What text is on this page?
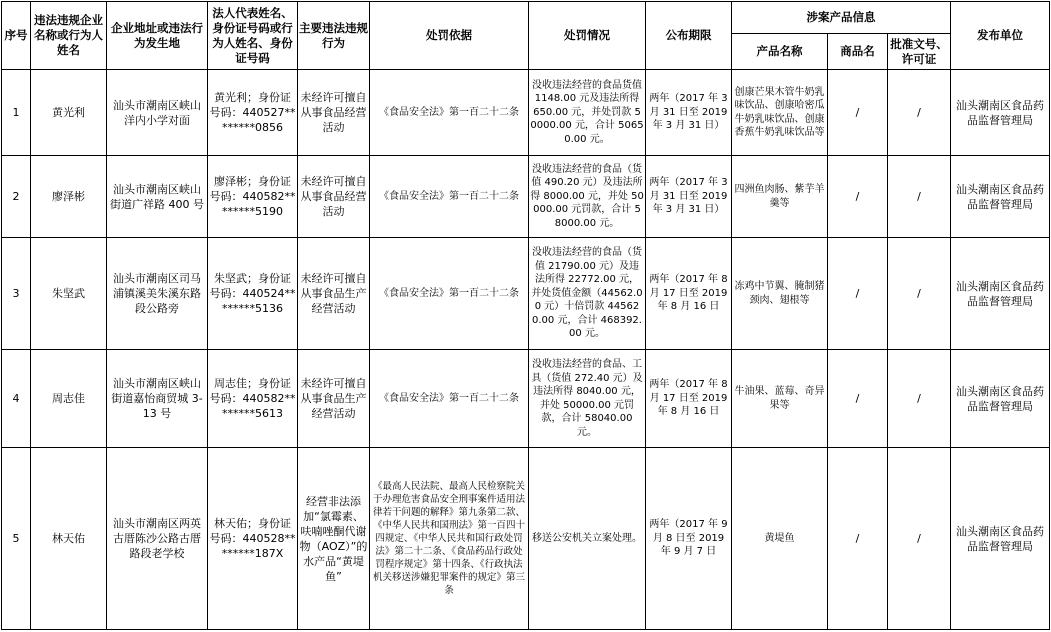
序号	违法违规企业名称或行为人姓名	企业地址或违法行为发生地	法人代表姓名、身份证号码或行为人姓名、身份证号码	主要违法违规行为	处罚依据	处罚情况	公布期限	涉案产品信息			发布单位
								产品名称	商品名	批准文号、许可证	
1	黄光利	汕头市潮南区峡山洋内小学对面	黄光利；身份证号码：440527********0856	未经许可擅自从事食品经营活动	《食品安全法》第一百二十二条	没收违法经营的食品货值 1148.00 元及违法所得 650.00 元，并处罚款 50000.00 元，合计 50650.00 元。	两年（2017 年 3 月 31 日至 2019 年 3 月 31 日）	创康芒果木管牛奶乳味饮品、创康哈密瓜牛奶乳味饮品、创康香蕉牛奶乳味饮品等	/	/	汕头潮南区食品药品监督管理局
2	廖泽彬	汕头市潮南区峡山街道广祥路 400 号	廖泽彬；身份证号码：440582********5190	未经许可擅自从事食品经营活动	《食品安全法》第一百二十二条	没收违法经营的食品（货值 490.20 元）及违法所得 8000.00 元，并处 50000.00 元罚款，合计 58000.00 元。	两年（2017 年 3 月 31 日至 2019 年 3 月 31 日）	四洲鱼肉肠、紫芋羊羹等	/	/	汕头潮南区食品药品监督管理局
3	朱坚武	汕头市潮南区司马浦镇溪美朱溪东路段公路旁	朱坚武；身份证号码：440524********5136	未经许可擅自从事食品生产经营活动	《食品安全法》第一百二十二条	没收违法经营的食品（货值 21790.00 元）及违法所得 22772.00 元，并处货值金额（44562.00 元）十倍罚款 445620.00 元，合计 468392.00 元。	两年（2017 年 8 月 17 日至 2019 年 8 月 16 日	冻鸡中节翼、腌制猪颈肉、翅根等	/	/	汕头潮南区食品药品监督管理局
4	周志佳	汕头市潮南区峡山街道嘉怡商贸城 3-13 号	周志佳；身份证号码：440582********5613	未经许可擅自从事食品生产经营活动	《食品安全法》第一百二十二条	没收违法经营的食品、工具（货值 272.40 元）及违法所得 8040.00 元，并处 50000.00 元罚款，合计 58040.00 元。	两年（2017 年 8 月 17 日至 2019 年 8 月 16 日	牛油果、蓝莓、奇异果等	/	/	汕头潮南区食品药品监督管理局
5	林天佑	汕头市潮南区两英古厝陈沙公路古厝路段老学校	林天佑；身份证号码：440528********187X	经营非法添加“氯霉素、呋喃唑酮代谢物（AOZ）”的水产品“黄堤鱼”	《最高人民法院、最高人民检察院关于办理危害食品安全刑事案件适用法律若干问题的解释》第九条第二款、《中华人民共和国刑法》第一百四十四规定、《中华人民共和国行政处罚法》第二十二条、《食品药品行政处罚程序规定》第十四条、《行政执法机关移送涉嫌犯罪案件的规定》第三条	移送公安机关立案处理。	两年（2017 年 9 月 8 日至 2019 年 9 月 7 日	黄堤鱼	/	/	汕头潮南区食品药品监督管理局
